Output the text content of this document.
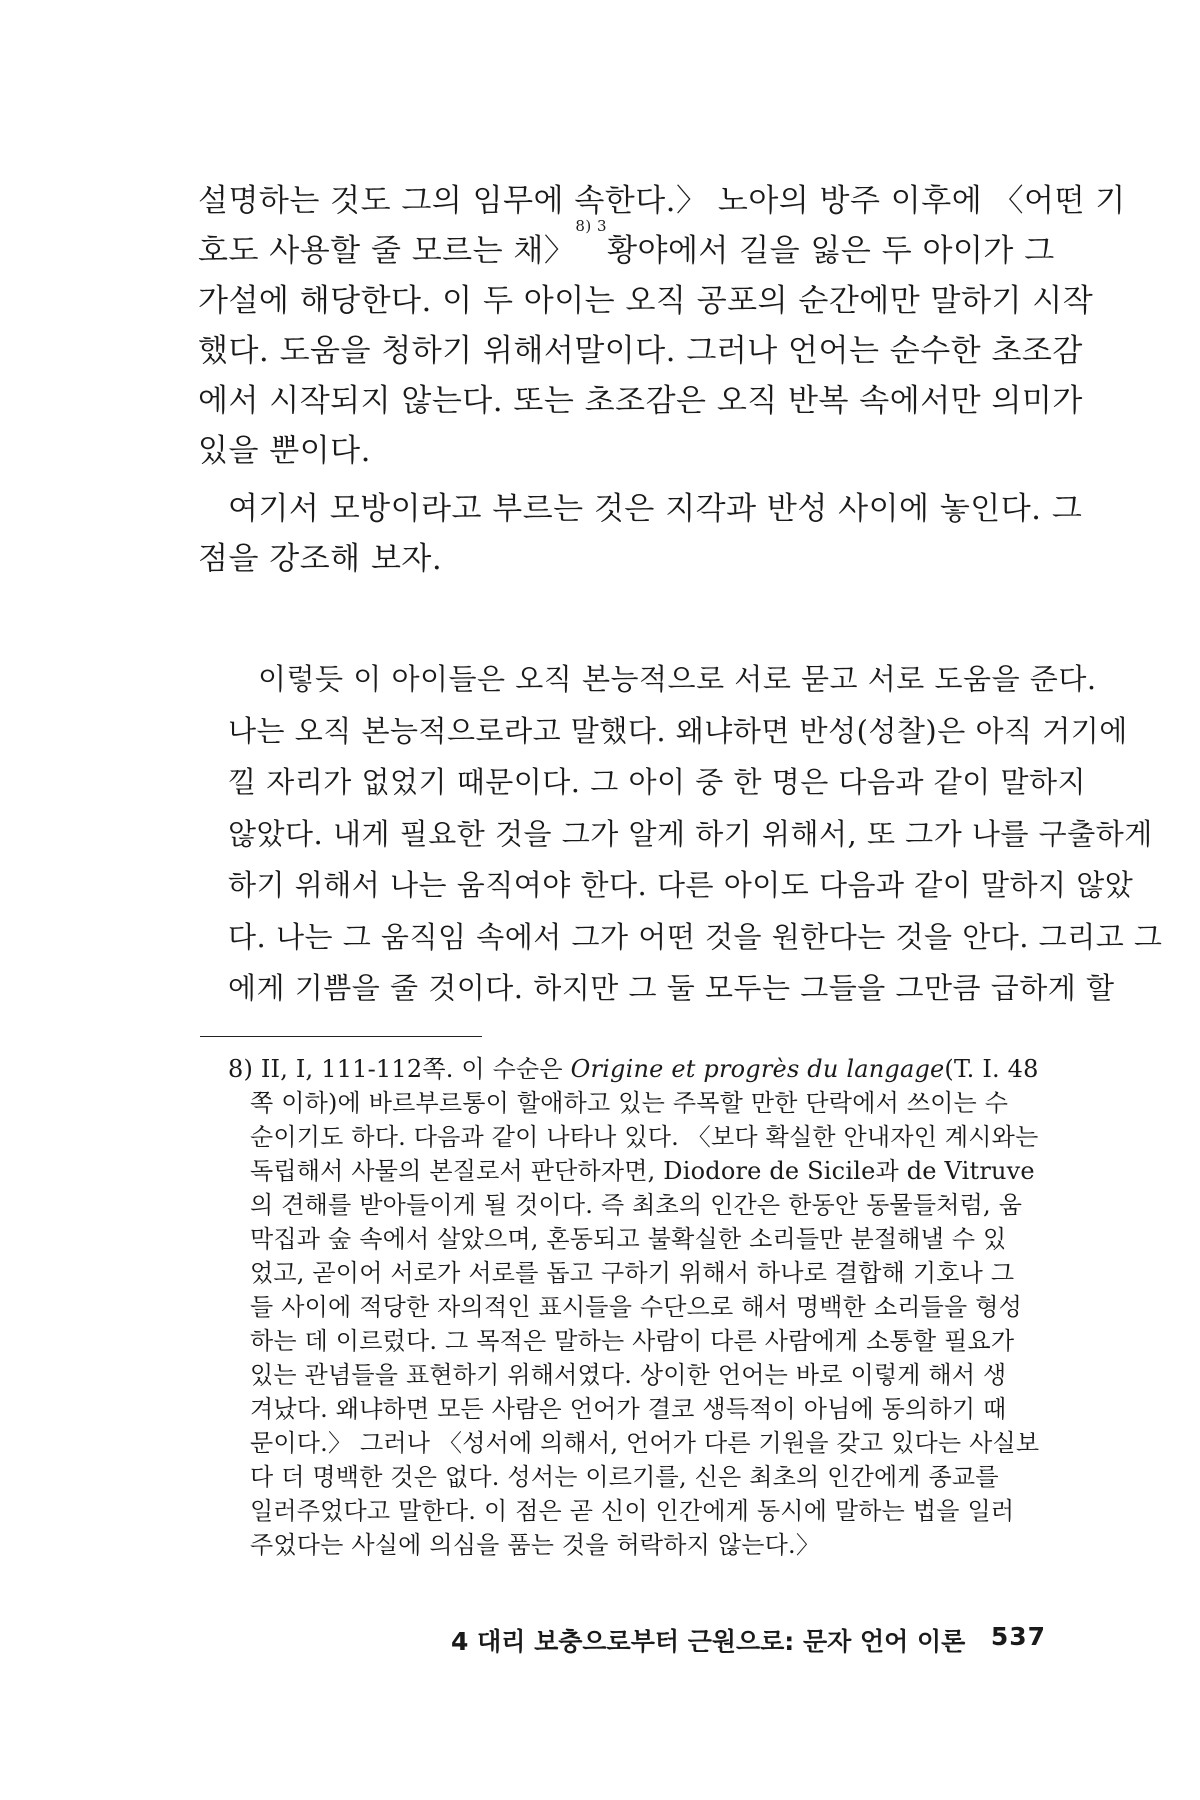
설명하는 것도 그의 임무에 속한다.〉 노아의 방주 이후에 〈어떤 기
호도 사용할 줄 모르는 채〉
8) 3
황야에서 길을 잃은 두 아이가 그
가설에 해당한다. 이 두 아이는 오직 공포의 순간에만 말하기 시작
했다. 도움을 청하기 위해서말이다. 그러나 언어는 순수한 초조감
에서 시작되지 않는다. 또는 초조감은 오직 반복 속에서만 의미가
있을 뿐이다.
여기서 모방이라고 부르는 것은 지각과 반성 사이에 놓인다. 그
점을 강조해 보자.
이렇듯 이 아이들은 오직 본능적으로 서로 묻고 서로 도움을 준다.
나는 오직 본능적으로라고 말했다. 왜냐하면 반성(성찰)은 아직 거기에
낄 자리가 없었기 때문이다. 그 아이 중 한 명은 다음과 같이 말하지
않았다. 내게 필요한 것을 그가 알게 하기 위해서, 또 그가 나를 구출하게
하기 위해서 나는 움직여야 한다. 다른 아이도 다음과 같이 말하지 않았
다. 나는 그 움직임 속에서 그가 어떤 것을 원한다는 것을 안다. 그리고 그
에게 기쁨을 줄 것이다. 하지만 그 둘 모두는 그들을 그만큼 급하게 할
8) II, I, 111-112쪽. 이 수순은 Origine et progrès du langage(T. I. 48
쪽 이하)에 바르부르통이 할애하고 있는 주목할 만한 단락에서 쓰이는 수
순이기도 하다. 다음과 같이 나타나 있다. 〈보다 확실한 안내자인 계시와는
독립해서 사물의 본질로서 판단하자면, Diodore de Sicile과 de Vitruve
의 견해를 받아들이게 될 것이다. 즉 최초의 인간은 한동안 동물들처럼, 움
막집과 숲 속에서 살았으며, 혼동되고 불확실한 소리들만 분절해낼 수 있
었고, 곧이어 서로가 서로를 돕고 구하기 위해서 하나로 결합해 기호나 그
들 사이에 적당한 자의적인 표시들을 수단으로 해서 명백한 소리들을 형성
하는 데 이르렀다. 그 목적은 말하는 사람이 다른 사람에게 소통할 필요가
있는 관념들을 표현하기 위해서였다. 상이한 언어는 바로 이렇게 해서 생
겨났다. 왜냐하면 모든 사람은 언어가 결코 생득적이 아님에 동의하기 때
문이다.〉 그러나 〈성서에 의해서, 언어가 다른 기원을 갖고 있다는 사실보
다 더 명백한 것은 없다. 성서는 이르기를, 신은 최초의 인간에게 종교를
일러주었다고 말한다. 이 점은 곧 신이 인간에게 동시에 말하는 법을 일러
주었다는 사실에 의심을 품는 것을 허락하지 않는다.〉
4 대리 보충으로부터 근원으로: 문자 언어 이론 537
